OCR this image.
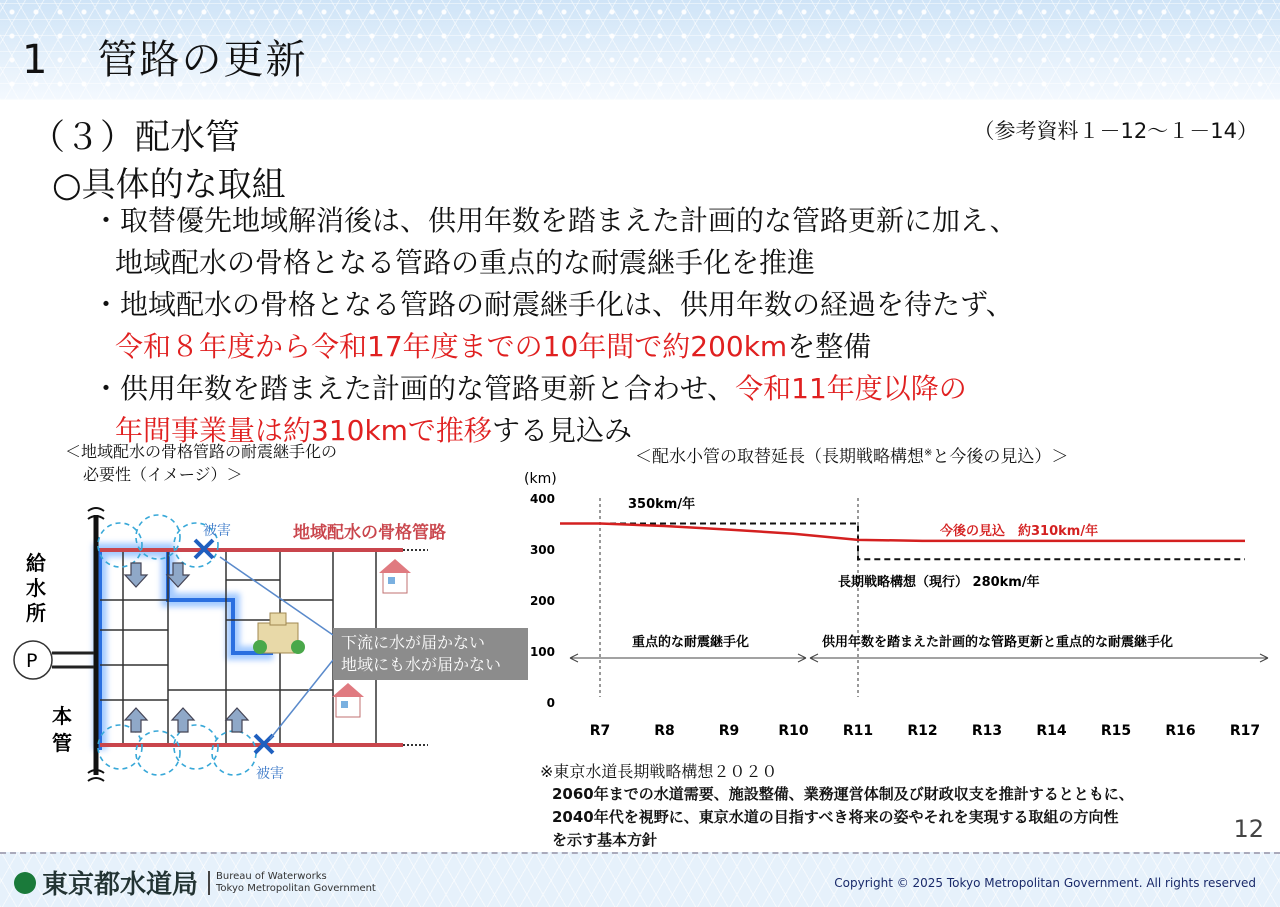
1 管路の更新
（３）配水管	（参考資料１－12～１－14）
○具体的な取組
・取替優先地域解消後は、供用年数を踏まえた計画的な管路更新に加え、
地域配水の骨格となる管路の重点的な耐震継手化を推進
・地域配水の骨格となる管路の耐震継手化は、供用年数の経過を待たず、
令和８年度から令和17年度までの10年間で約200kmを整備
・供用年数を踏まえた計画的な管路更新と合わせ、令和11年度以降の
年間事業量は約310kmで推移する見込み
＜地域配水の骨格管路の耐震継手化の
必要性（イメージ）＞
＜配水小管の取替延長（長期戦略構想※と今後の見込）＞
被害
被害
地域配水の骨格管路
給
水
所
P
本
管
下流に水が届かない
地域にも水が届かない
(km)
0
100
200
300
400
R7	R8	R9	R10 R11 R12 R13 R14 R15 R16 R17
350km/年
今後の見込　約310km/年
長期戦略構想（現行） 280km/年
重点的な耐震継手化	供用年数を踏まえた計画的な管路更新と重点的な耐震継手化
※東京水道長期戦略構想２０２０
2060年までの水道需要、施設整備、業務運営体制及び財政収支を推計するとともに、
2040年代を視野に、東京水道の目指すべき将来の姿やそれを実現する取組の方向性
を示す基本方針	12
東京都水道局	Bureau of Waterworks
Tokyo Metropolitan Government	Copyright © 2025 Tokyo Metropolitan Government. All rights reserved
